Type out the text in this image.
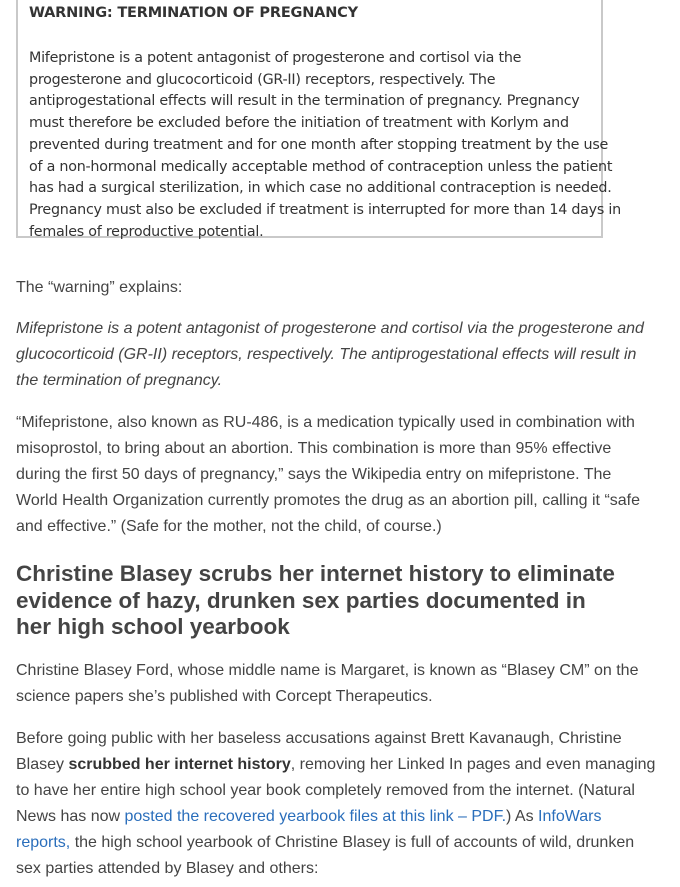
WARNING: TERMINATION OF PREGNANCY
Mifepristone is a potent antagonist of progesterone and cortisol via the
progesterone and glucocorticoid (GR-II) receptors, respectively. The
antiprogestational effects will result in the termination of pregnancy. Pregnancy
must therefore be excluded before the initiation of treatment with Korlym and
prevented during treatment and for one month after stopping treatment by the use
of a non-hormonal medically acceptable method of contraception unless the patient
has had a surgical sterilization, in which case no additional contraception is needed.
Pregnancy must also be excluded if treatment is interrupted for more than 14 days in
females of reproductive potential.
The “warning” explains:
Mifepristone is a potent antagonist of progesterone and cortisol via the progesterone and
glucocorticoid (GR-II) receptors, respectively. The antiprogestational effects will result in
the termination of pregnancy.
“Mifepristone, also known as RU-486, is a medication typically used in combination with
misoprostol, to bring about an abortion. This combination is more than 95% effective
during the first 50 days of pregnancy,” says the Wikipedia entry on mifepristone. The
World Health Organization currently promotes the drug as an abortion pill, calling it “safe
and effective.” (Safe for the mother, not the child, of course.)
Christine Blasey scrubs her internet history to eliminate
evidence of hazy, drunken sex parties documented in
her high school yearbook
Christine Blasey Ford, whose middle name is Margaret, is known as “Blasey CM” on the
science papers she’s published with Corcept Therapeutics.
Before going public with her baseless accusations against Brett Kavanaugh, Christine
Blasey scrubbed her internet history, removing her Linked In pages and even managing
to have her entire high school year book completely removed from the internet. (Natural
News has now posted the recovered yearbook files at this link – PDF.) As InfoWars
reports, the high school yearbook of Christine Blasey is full of accounts of wild, drunken
sex parties attended by Blasey and others:
